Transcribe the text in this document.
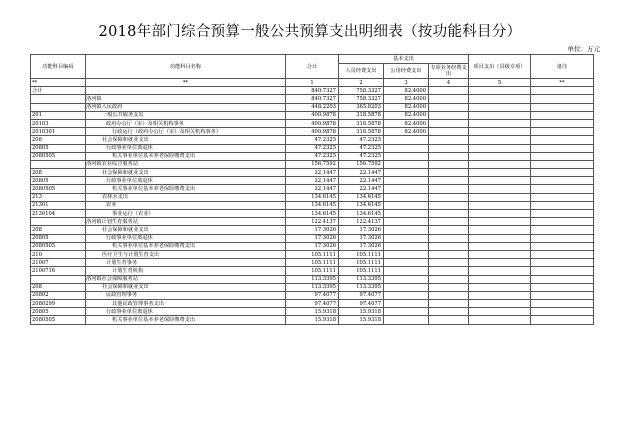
2018年部门综合预算一般公共预算支出明细表（按功能科目分）
单位：万元
功能科目编码	功能科目名称	合计	基本支出			项目支出（县级专项）	备注
			人员经费支出	公用经费支出	专项业务经费支出		
**	**	1	2	3	4	5	**
合计		840.7327	758.3327	82.4000			
	洛河镇	840.7327	758.3327	82.4000			
	洛河镇人民政府	448.2203	365.8203	82.4000			
201	一般公共服务支出	400.9878	318.5878	82.4000			
20103	政府办公厅（室）及相关机构事务	400.9878	318.5878	82.4000			
2010301	行政运行（政府办公厅（室）及相关机构事务）	400.9878	318.5878	82.4000			
208	社会保障和就业支出	47.2325	47.2325				
20805	行政事业单位离退休	47.2325	47.2325				
2080505	机关事业单位基本养老保险缴费支出	47.2325	47.2325				
	洛河镇农业综合服务站	156.7592	156.7592				
208	社会保障和就业支出	22.1447	22.1447				
20805	行政事业单位离退休	22.1447	22.1447				
2080505	机关事业单位基本养老保险缴费支出	22.1447	22.1447				
213	农林水支出	134.6145	134.6145				
21301	农业	134.6145	134.6145				
2130104	事业运行（农业）	134.6145	134.6145				
	洛河镇计划生育服务站	122.4137	122.4137				
208	社会保障和就业支出	17.3026	17.3026				
20805	行政事业单位离退休	17.3026	17.3026				
2080505	机关事业单位基本养老保险缴费支出	17.3026	17.3026				
210	医疗卫生与计划生育支出	105.1111	105.1111				
21007	计划生育事务	105.1111	105.1111				
2100716	计划生育机构	105.1111	105.1111				
	洛河镇社会保障服务站	113.3395	113.3395				
208	社会保障和就业支出	113.3395	113.3395				
20802	民政管理事务	97.4077	97.4077				
2080299	其他民政管理事务支出	97.4077	97.4077				
20805	行政事业单位离退休	15.9318	15.9318				
2080505	机关事业单位基本养老保险缴费支出	15.9318	15.9318				
